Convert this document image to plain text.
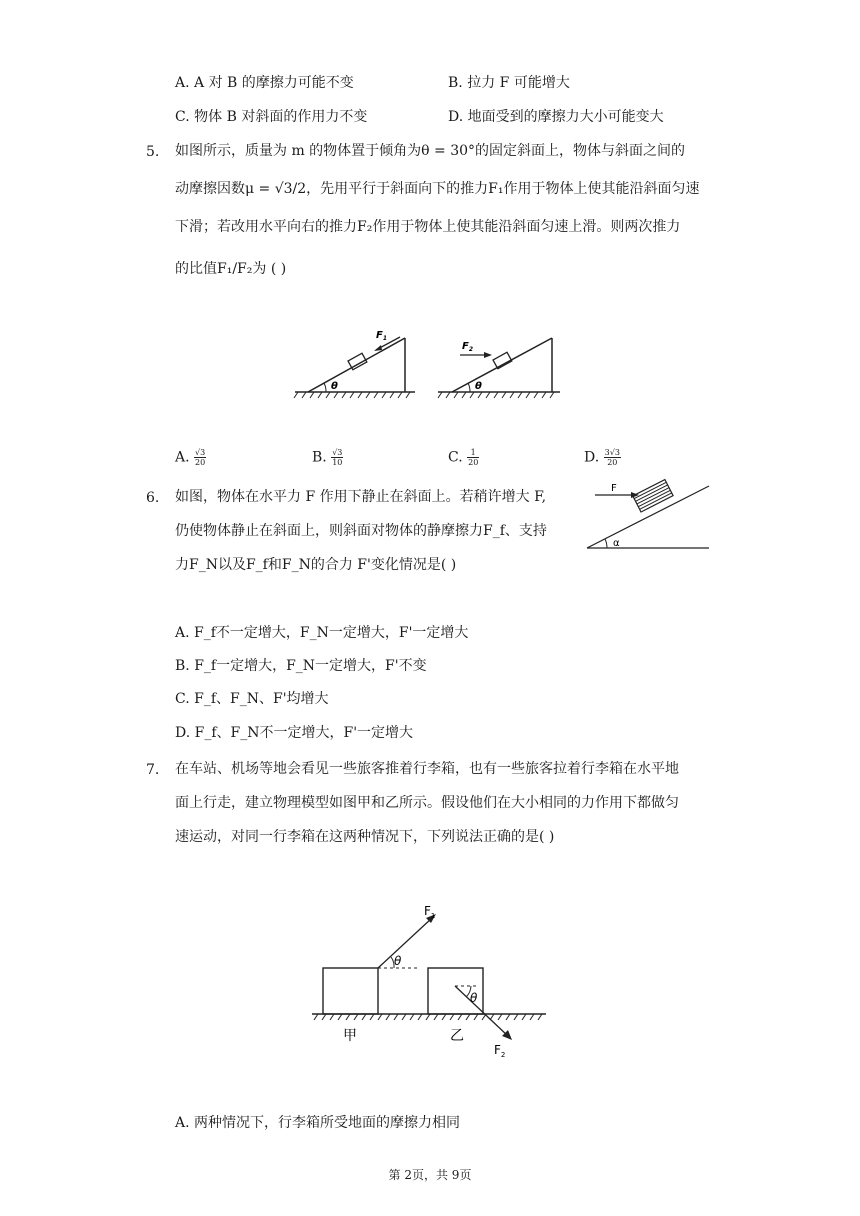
A. A 对 B 的摩擦力可能不变	B. 拉力 F 可能增大
C. 物体 B 对斜面的作用力不变	D. 地面受到的摩擦力大小可能变大
5. 如图所示，质量为 m 的物体置于倾角为θ = 30°的固定斜面上，物体与斜面之间的
动摩擦因数μ = √3/2，先用平行于斜面向下的推力F₁作用于物体上使其能沿斜面匀速
下滑；若改用水平向右的推力F₂作用于物体上使其能沿斜面匀速上滑。则两次推力
的比值F₁/F₂为 ( )
θ
$F_1$
θ
$F_2$
A. $\frac{√3}{20}$	B. $\frac{√3}{10}$	C. $\frac{1}{20}$	D. $\frac{3√3}{20}$
6. 如图，物体在水平力 F 作用下静止在斜面上。若稍许增大 F,
仍使物体静止在斜面上，则斜面对物体的静摩擦力F_f、支持
力F_N以及F_f和F_N的合力 F'变化情况是( )
α
F
A. F_f不一定增大，F_N一定增大，F'一定增大
B. F_f一定增大，F_N一定增大，F'不变
C. F_f、F_N、F'均增大
D. F_f、F_N不一定增大，F'一定增大
7. 在车站、机场等地会看见一些旅客推着行李箱，也有一些旅客拉着行李箱在水平地
面上行走，建立物理模型如图甲和乙所示。假设他们在大小相同的力作用下都做匀
速运动，对同一行李箱在这两种情况下，下列说法正确的是( )
θ
$F_1$
甲
θ
$F_2$
乙
A. 两种情况下，行李箱所受地面的摩擦力相同
第 2页，共 9页
